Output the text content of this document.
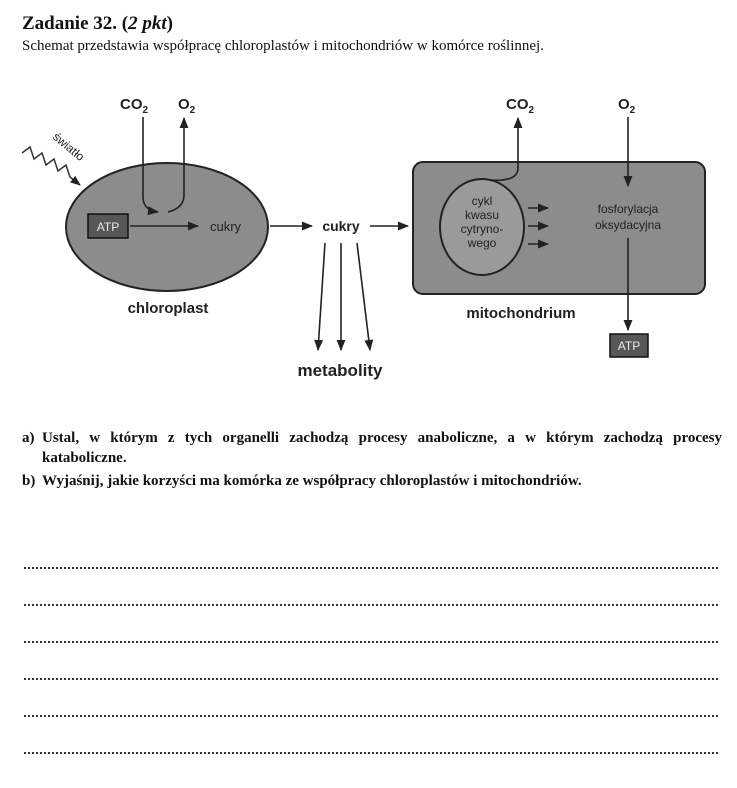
Zadanie 32. (2 pkt)
Schemat przedstawia współpracę chloroplastów i mitochondriów w komórce roślinnej.
światło
$CO_2$ $O_2$
ATP	cukry
chloroplast
cukry
metabolity
cykl
kwasu
cytryno-
wego
$CO_2$
fosforylacja
oksydacyjna
$O_2$
mitochondrium
ATP
a) Ustal, w którym z tych organelli zachodzą procesy anaboliczne, a w którym zachodzą procesy kataboliczne.
b) Wyjaśnij, jakie korzyści ma komórka ze współpracy chloroplastów i mitochondriów.
